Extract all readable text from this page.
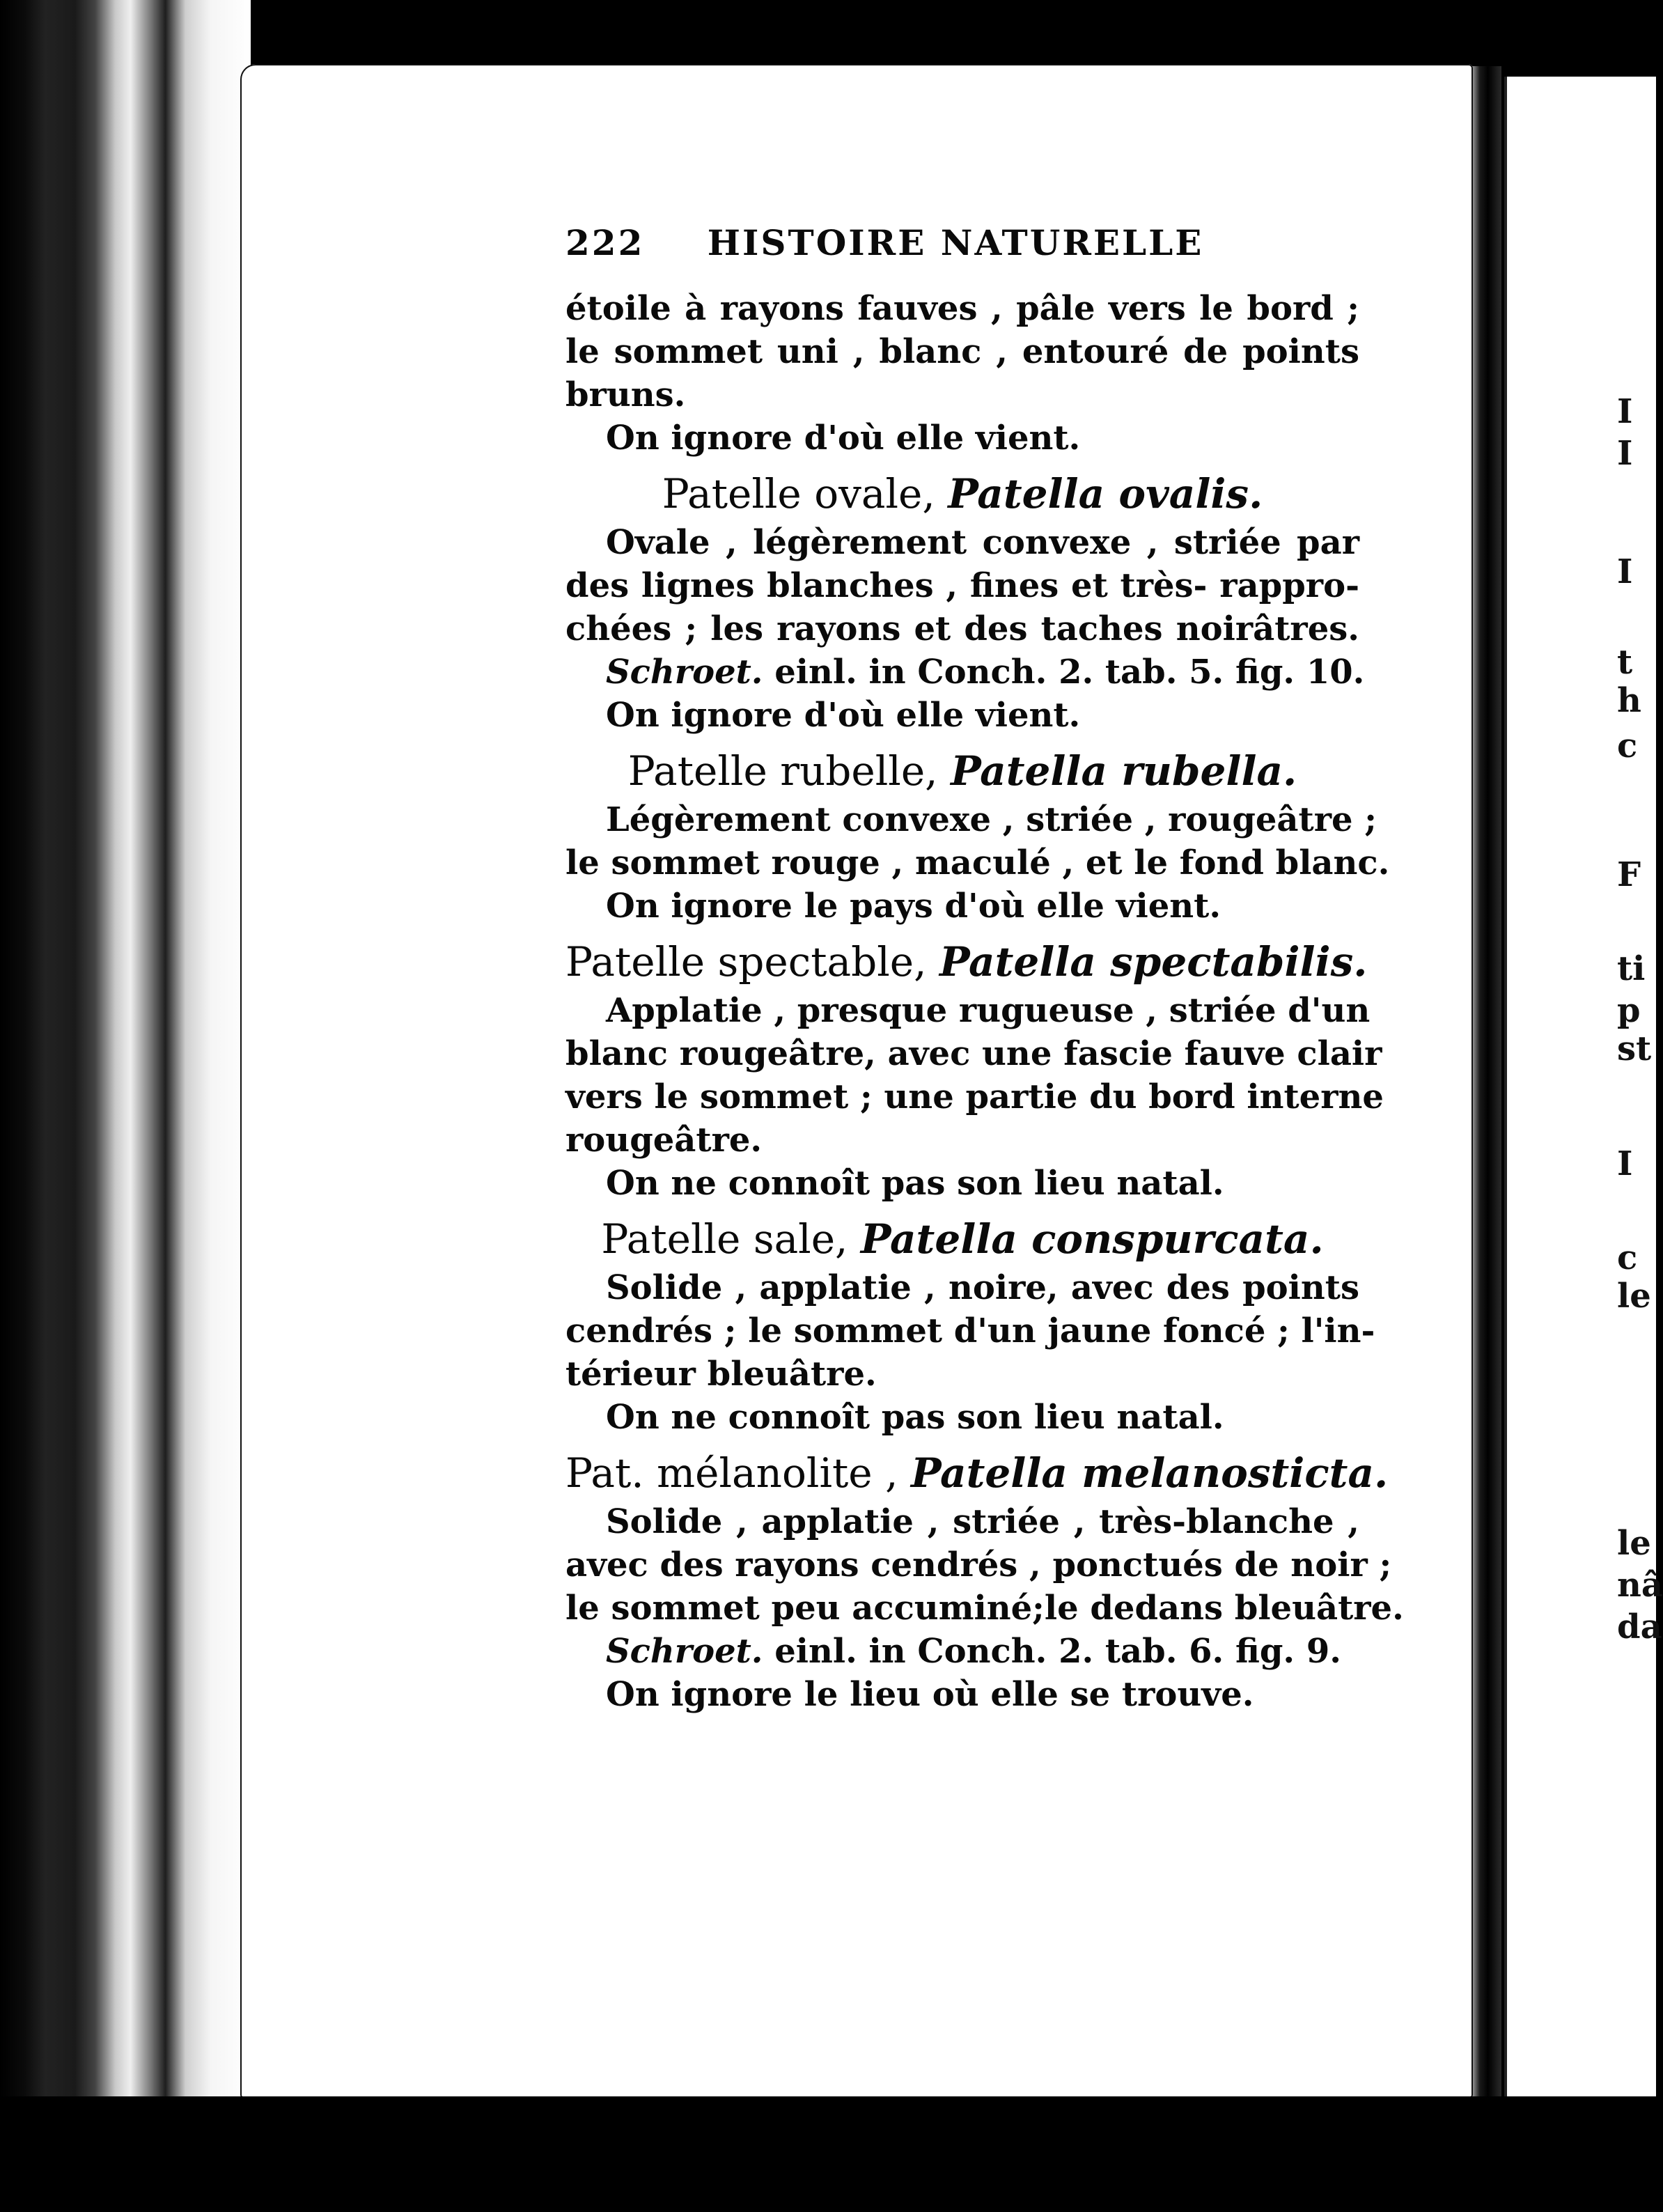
222 HISTOIRE NATURELLE
étoile à rayons fauves , pâle vers le bord ;
le sommet uni , blanc , entouré de points
bruns.
On ignore d'où elle vient.
Patelle ovale, Patella ovalis.
Ovale , légèrement convexe , striée par
des lignes blanches , fines et très- rappro-
chées ; les rayons et des taches noirâtres.
Schroet. einl. in Conch. 2. tab. 5. fig. 10.
On ignore d'où elle vient.
Patelle rubelle, Patella rubella.
Légèrement convexe , striée , rougeâtre ;
le sommet rouge , maculé , et le fond blanc.
On ignore le pays d'où elle vient.
Patelle spectable, Patella spectabilis.
Applatie , presque rugueuse , striée d'un
blanc rougeâtre, avec une fascie fauve clair
vers le sommet ; une partie du bord interne
rougeâtre.
On ne connoît pas son lieu natal.
Patelle sale, Patella conspurcata.
Solide , applatie , noire, avec des points
cendrés ; le sommet d'un jaune foncé ; l'in-
térieur bleuâtre.
On ne connoît pas son lieu natal.
Pat. mélanolite , Patella melanosticta.
Solide , applatie , striée , très-blanche ,
avec des rayons cendrés , ponctués de noir ;
le sommet peu accuminé;le dedans bleuâtre.
Schroet. einl. in Conch. 2. tab. 6. fig. 9.
On ignore le lieu où elle se trouve.
I
I
I
t
h
c
F
ti
p
st
I
c
le
le
nâ
da
